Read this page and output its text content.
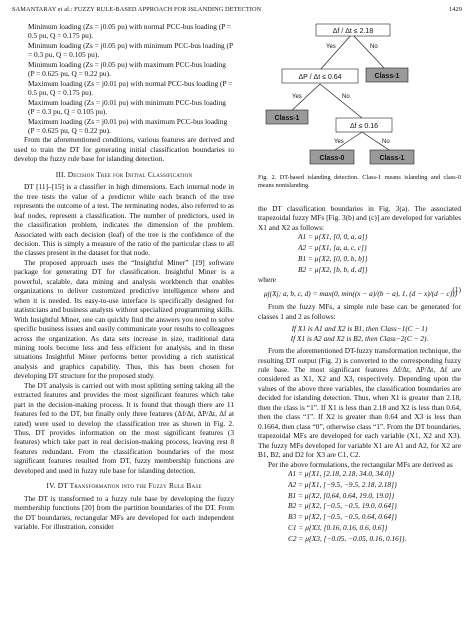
SAMANTARAY et al.: FUZZY RULE-BASED APPROACH FOR ISLANDING DETECTION	1429
Minimum loading (Zs = j0.05 pu) with normal PCC-bus loading (P = 0.5 pu, Q = 0.175 pu).
Minimum loading (Zs = j0.05 pu) with minimum PCC-bus loading (P = 0.3 pu, Q = 0.105 pu).
Minimum loading (Zs = j0.05 pu) with maximum PCC-bus loading (P = 0.625 pu, Q = 0.22 pu).
Maximum loading (Zs = j0.01 pu) with normal PCC-bus loading (P = 0.5 pu, Q = 0.175 pu).
Maximum loading (Zs = j0.01 pu) with minimum PCC-bus loading (P = 0.3 pu, Q = 0.105 pu).
Maximum loading (Zs = j0.01 pu) with maximum PCC-bus loading (P = 0.625 pu, Q = 0.22 pu).

From the aforementioned conditions, various features are derived and used to train the DT for generating initial classification boundaries to develop the fuzzy rule base for islanding detection.

III. Decision Tree for Initial Classification

DT [11]–[15] is a classifier in high dimensions. Each internal node in the tree tests the value of a predictor while each branch of the tree represents the outcome of a test. The terminating nodes, also referred to as leaf nodes, represent a classification. The number of predictors, used in the classification problem, indicates the dimension of the problem. Associated with each decision (leaf) of the tree is the confidence of the decision. This is simply a measure of the ratio of the particular class to all the classes present in the dataset for that node.

The proposed approach uses the “Insightful Miner” [19] software package for generating DT for classification. Insightful Miner is a powerful, scalable, data mining and analysis workbench that enables organizations to deliver customized predictive intelligence where and when it is needed. Its easy-to-use interface is specifically designed for statisticians and business analysts without specialized programming skills. With Insightful Miner, one can quickly find the answers you need to solve specific business issues and easily communicate your results to colleagues across the organization. As data sets increase in size, traditional data mining tools become less and less efficient for analysis, and in these situations Insightful Miner performs better providing a rich statistical analysis and graphics capability. Thus, this has been chosen for developing DT structure for the proposed study.

The DT analysis is carried out with most splitting setting taking all the extracted features and provides the most significant features which take part in the decision-making process. It is found that though there are 11 features fed to the DT, but finally only three features (Δf/Δt, ΔP/Δt, Δf at rated) were used to develop the classification tree as shown in Fig. 2. Thus, DT provides information on the most significant features (3 features) which take part in real decision-making process, leaving rest 8 features redundant. From the classification boundaries of the most significant features resulted from DT, fuzzy membership functions are developed and used in fuzzy rule base for islanding detection.

IV. DT Transformation into the Fuzzy Rule Base

The DT is transformed to a fuzzy rule base by developing the fuzzy membership functions [20] from the partition boundaries of the DT. From the DT boundaries, rectangular MFs are developed for each independent variable. For illustration, consider

Δf / Δt ≤ 2.18
Yes	No
ΔP / Δt ≤ 0.64	Class-1
Yes	No
Class-1
Δf ≤ 0.16
Yes	No
Class-0	Class-1
Fig. 2. DT-based islanding detection. Class-1 means islanding and class-0 means nonislanding.

the DT classification boundaries in Fig. 3(a). The associated trapezoidal fuzzy MFs [Fig. 3(b) and (c)] are developed for variables X1 and X2 as follows:

A1 = μ{X1, [0, 0, a, a]}
A2 = μ{X1, [a, a, c, c]}
B1 = μ{X2, [0, 0, b, b]}
B2 = μ{X2, [b, b, d, d]}

where

μj(Xj; a, b, c, d) = max(0, min((x − a)/(b − a), 1, (d − x)/(d − c)))
(1)

From the fuzzy MFs, a simple rule base can be generated for classes 1 and 2 as follows:

If X1 is A1 and X2 is B1, then Class−1(C − 1)
If X1 is A2 and X2 is B2, then Class−2(C − 2).

From the aforementioned DT-fuzzy transformation technique, the resulting DT output (Fig. 2) is converted to the corresponding fuzzy rule base. The most significant features Δf/Δt, ΔP/Δt, Δf are considered as X1, X2 and X3, respectively. Depending upon the values of the above three variables, the classification boundaries are decided for islanding detection. Thus, when X1 is greater than 2.18, then the class is “1”. If X1 is less than 2.18 and X2 is less than 0.64, then the class “1”. If X2 is greater than 0.64 and X3 is less than 0.1664, then class “0”, otherwise class “1”. From the DT boundaries, trapezoidal MFs are developed for each variable (X1, X2 and X3). The fuzzy MFs developed for variable X1 are A1 and A2, for X2 are B1, B2, and D2 for X3 are C1, C2.

Per the above formulations, the rectangular MFs are derived as

A1 = μ{X1, [2.18, 2.18, 34.0, 34.0]}
A2 = μ{X1, [−9.5, −9.5, 2.18, 2.18]}
B1 = μ{X2, [0.64, 0.64, 19.0, 19.0]}
B2 = μ{X2, [−0.5, −0.5, 19.0, 0.64]}
B3 = μ{X2, [−0.5, −0.5, 0.64, 0.64]}
C1 = μ{X3, [0.16, 0.16, 0.6, 0.6]}
C2 = μ{X3, [−0.05, −0.05, 0.16, 0.16]}.
